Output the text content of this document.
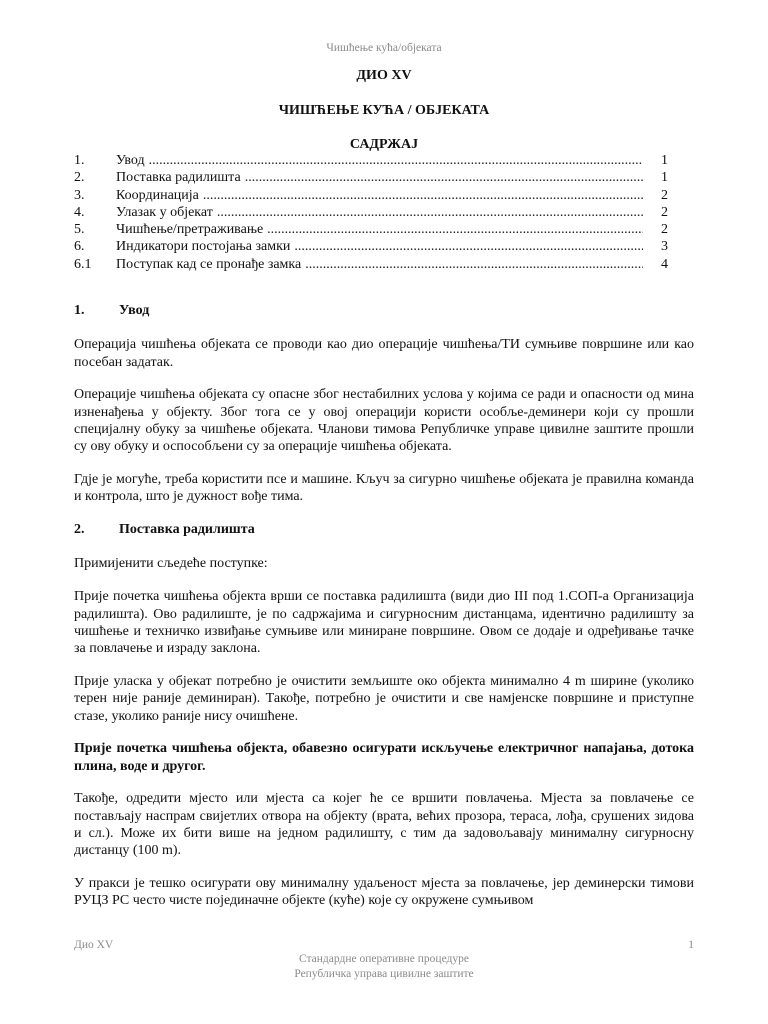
Чишћење кућа/објеката
ДИО XV
ЧИШЋЕЊЕ КУЋА / ОБЈЕКАТА
САДРЖАЈ
1.	Увод .....	1
2.	Поставка радилишта .....	1
3.	Координација .....	2
4.	Улазак у објекат .....	2
5.	Чишћење/претраживање .....	2
6.	Индикатори постојања замки .....	3
6.1	Поступак кад се пронађе замка .....	4
1.	Увод

Операција чишћења објеката се проводи као дио операције чишћења/ТИ сумњиве површине или као посебан задатак.

Операције чишћења објеката су опасне због нестабилних услова у којима се ради и опасности од мина изненађења у објекту. Због тога се у овој операцији користи особље-деминери који су прошли специјалну обуку за чишћење објеката. Чланови тимова Републичке управе цивилне заштите прошли су ову обуку и оспособљени су за операције чишћења објеката.

Гдје је могуће, треба користити псе и машине. Кључ за сигурно чишћење објеката је правилна команда и контрола, што је дужност вође тима.

2.	Поставка радилишта

Примијенити сљедеће поступке:

Прије почетка чишћења објекта врши се поставка радилишта (види дио III под 1.СОП-а Организација радилишта). Ово радилиште, је по садржајима и сигурносним дистанцама, идентично радилишту за чишћење и техничко извиђање сумњиве или миниране површине. Овом се додаје и одређивање тачке за повлачење и израду заклона.

Прије уласка у објекат потребно је очистити земљиште око објекта минимално 4 m ширине (уколико терен није раније деминиран). Такође, потребно је очистити и све намјенске површине и приступне стазе, уколико раније нису очишћене.

Прије почетка чишћења објекта, обавезно осигурати искључење електричног напајања, дотока плина, воде и другог.

Такође, одредити мјесто или мјеста са којег ће се вршити повлачења. Мјеста за повлачење се постављају наспрам свијетлих отвора на објекту (врата, већих прозора, тераса, лођа, срушених зидова и сл.). Може их бити више на једном радилишту, с тим да задовољавају минималну сигурносну дистанцу (100 m).

У пракси је тешко осигурати ову минималну удаљеност мјеста за повлачење, јер деминерски тимови РУЦЗ РС често чисте појединачне објекте (куће) које су окружене сумњивом

Дио XV	1
Стандардне оперативне процедуре
Републичка управа цивилне заштите
